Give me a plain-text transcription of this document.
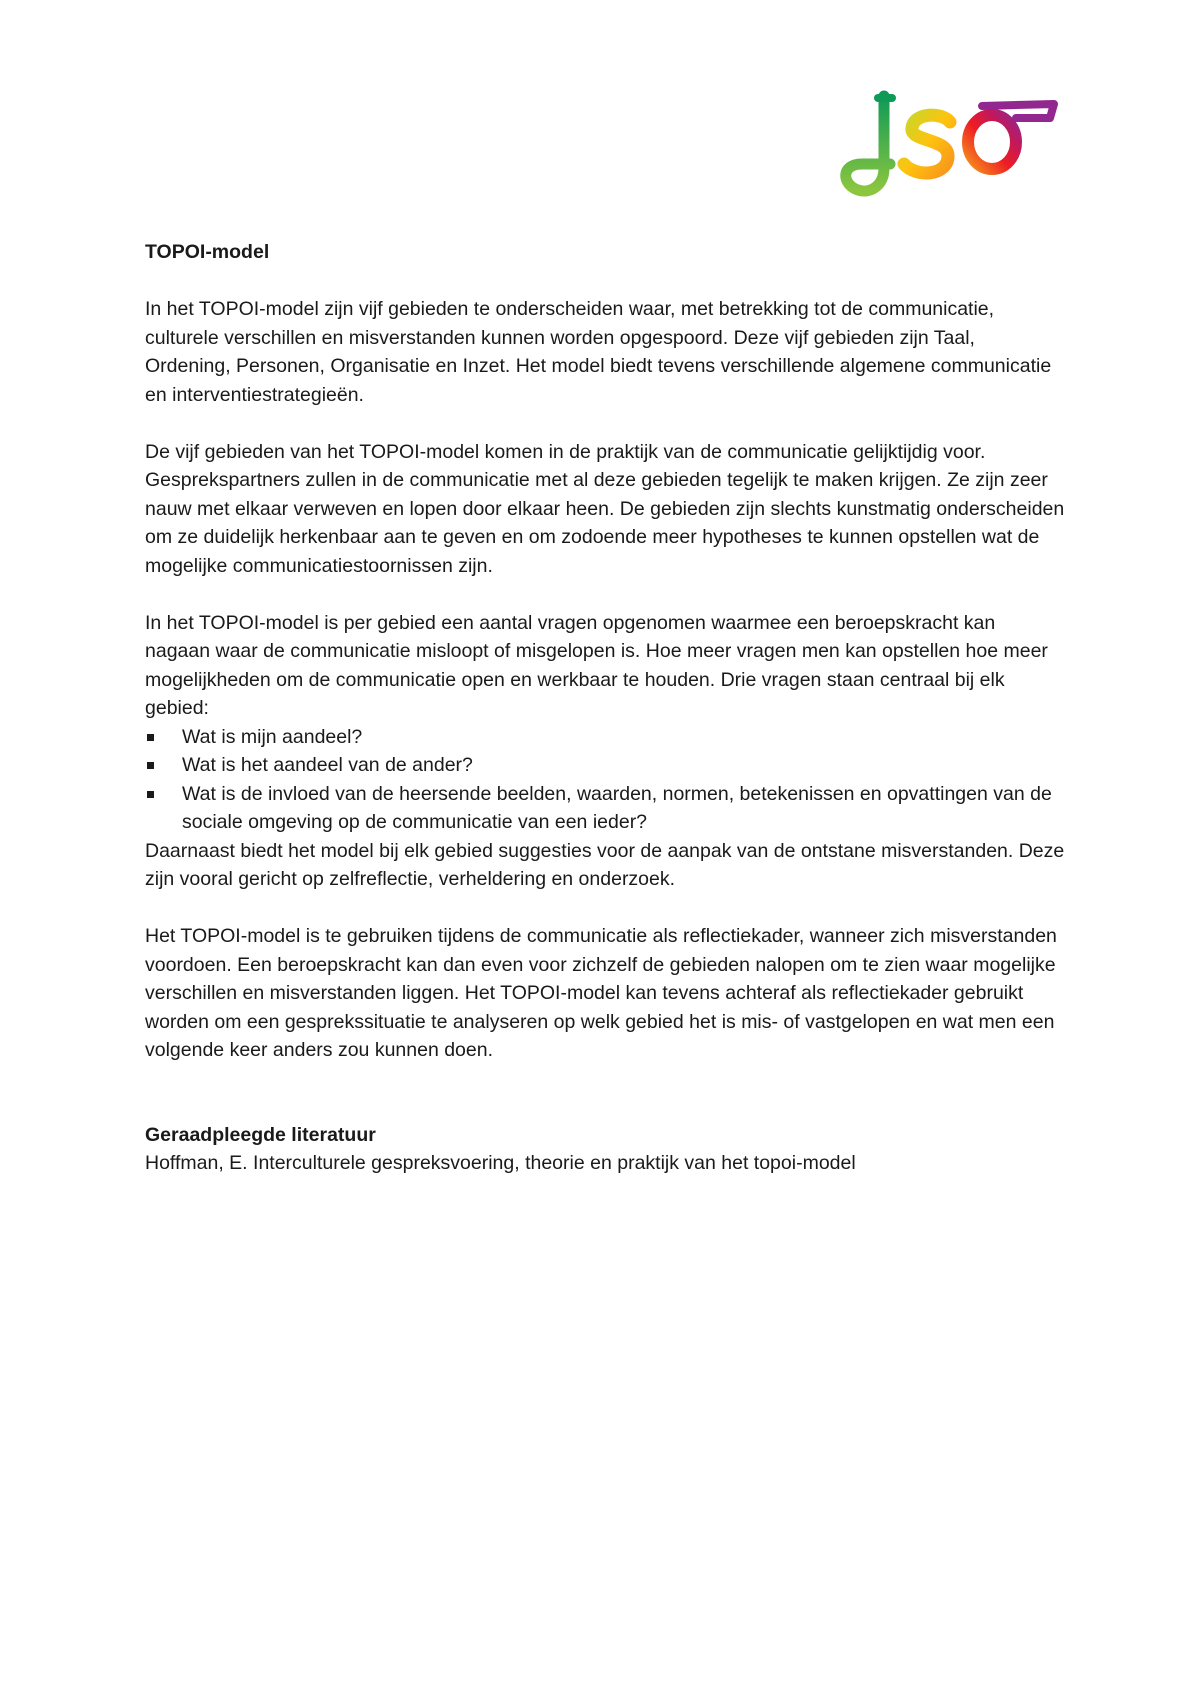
TOPOI-model

In het TOPOI-model zijn vijf gebieden te onderscheiden waar, met betrekking tot de communicatie, culturele verschillen en misverstanden kunnen worden opgespoord. Deze vijf gebieden zijn Taal, Ordening, Personen, Organisatie en Inzet. Het model biedt tevens verschillende algemene communicatie en interventiestrategieën.

De vijf gebieden van het TOPOI-model komen in de praktijk van de communicatie gelijktijdig voor. Gesprekspartners zullen in de communicatie met al deze gebieden tegelijk te maken krijgen. Ze zijn zeer nauw met elkaar verweven en lopen door elkaar heen. De gebieden zijn slechts kunstmatig onderscheiden om ze duidelijk herkenbaar aan te geven en om zodoende meer hypotheses te kunnen opstellen wat de mogelijke communicatiestoornissen zijn.

In het TOPOI-model is per gebied een aantal vragen opgenomen waarmee een beroepskracht kan nagaan waar de communicatie misloopt of misgelopen is. Hoe meer vragen men kan opstellen hoe meer mogelijkheden om de communicatie open en werkbaar te houden. Drie vragen staan centraal bij elk gebied:

Wat is mijn aandeel?
Wat is het aandeel van de ander?
Wat is de invloed van de heersende beelden, waarden, normen, betekenissen en opvattingen van de sociale omgeving op de communicatie van een ieder?

Daarnaast biedt het model bij elk gebied suggesties voor de aanpak van de ontstane misverstanden. Deze zijn vooral gericht op zelfreflectie, verheldering en onderzoek.

Het TOPOI-model is te gebruiken tijdens de communicatie als reflectiekader, wanneer zich misverstanden voordoen. Een beroepskracht kan dan even voor zichzelf de gebieden nalopen om te zien waar mogelijke verschillen en misverstanden liggen. Het TOPOI-model kan tevens achteraf als reflectiekader gebruikt worden om een gesprekssituatie te analyseren op welk gebied het is mis- of vastgelopen en wat men een volgende keer anders zou kunnen doen.

Geraadpleegde literatuur
Hoffman, E. Interculturele gespreksvoering, theorie en praktijk van het topoi-model
